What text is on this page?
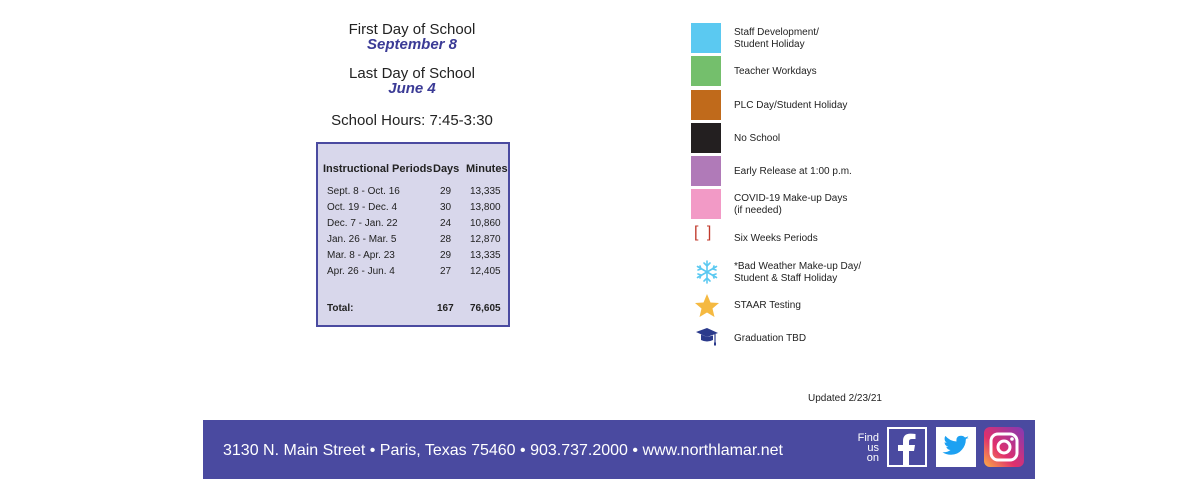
First Day of School
September 8
Last Day of School
June 4
School Hours: 7:45-3:30
Instructional Periods Days Minutes
Sept. 8 - Oct. 16	29 13,335
Oct. 19 - Dec. 4	30 13,800
Dec. 7 - Jan. 22	24 10,860
Jan. 26 - Mar. 5	28 12,870
Mar. 8 - Apr. 23	29 13,335
Apr. 26 - Jun. 4	27 12,405
Total:	167 76,605
Staff Development/
Student Holiday
Teacher Workdays
PLC Day/Student Holiday
No School
Early Release at 1:00 p.m.
COVID-19 Make-up Days
(if needed)
[ ] Six Weeks Periods
*Bad Weather Make-up Day/
Student & Staff Holiday
STAAR Testing
Graduation TBD
Updated 2/23/21
3130 N. Main Street • Paris, Texas 75460 • 903.737.2000 • www.northlamar.net
Find
us
on
